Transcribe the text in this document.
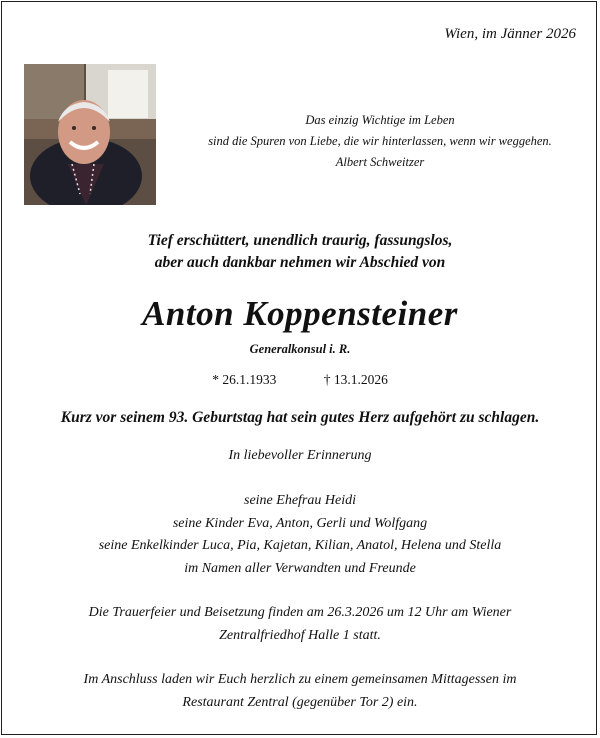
Wien, im Jänner 2026
Das einzig Wichtige im Leben
sind die Spuren von Liebe, die wir hinterlassen, wenn wir weggehen.
Albert Schweitzer
Tief erschüttert, unendlich traurig, fassungslos,
aber auch dankbar nehmen wir Abschied von
Anton Koppensteiner
Generalkonsul i. R.
* 26.1.1933	† 13.1.2026
Kurz vor seinem 93. Geburtstag hat sein gutes Herz aufgehört zu schlagen.
In liebevoller Erinnerung
seine Ehefrau Heidi
seine Kinder Eva, Anton, Gerli und Wolfgang
seine Enkelkinder Luca, Pia, Kajetan, Kilian, Anatol, Helena und Stella
im Namen aller Verwandten und Freunde
Die Trauerfeier und Beisetzung finden am 26.3.2026 um 12 Uhr am Wiener
Zentralfriedhof Halle 1 statt.
Im Anschluss laden wir Euch herzlich zu einem gemeinsamen Mittagessen im
Restaurant Zentral (gegenüber Tor 2) ein.
